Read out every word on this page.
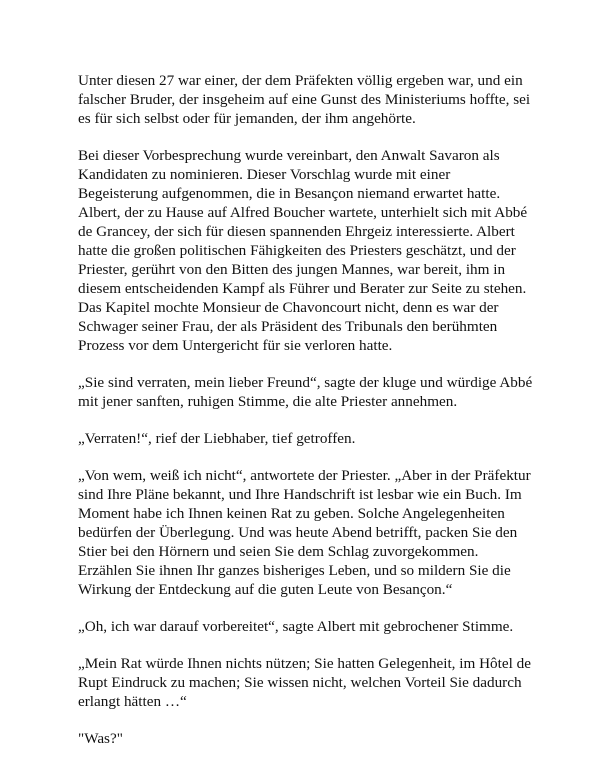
Unter diesen 27 war einer, der dem Präfekten völlig ergeben war, und ein falscher Bruder, der insgeheim auf eine Gunst des Ministeriums hoffte, sei es für sich selbst oder für jemanden, der ihm angehörte.

Bei dieser Vorbesprechung wurde vereinbart, den Anwalt Savaron als Kandidaten zu nominieren. Dieser Vorschlag wurde mit einer Begeisterung aufgenommen, die in Besançon niemand erwartet hatte. Albert, der zu Hause auf Alfred Boucher wartete, unterhielt sich mit Abbé de Grancey, der sich für diesen spannenden Ehrgeiz interessierte. Albert hatte die großen politischen Fähigkeiten des Priesters geschätzt, und der Priester, gerührt von den Bitten des jungen Mannes, war bereit, ihm in diesem entscheidenden Kampf als Führer und Berater zur Seite zu stehen. Das Kapitel mochte Monsieur de Chavoncourt nicht, denn es war der Schwager seiner Frau, der als Präsident des Tribunals den berühmten Prozess vor dem Untergericht für sie verloren hatte.

„Sie sind verraten, mein lieber Freund“, sagte der kluge und würdige Abbé mit jener sanften, ruhigen Stimme, die alte Priester annehmen.

„Verraten!“, rief der Liebhaber, tief getroffen.

„Von wem, weiß ich nicht“, antwortete der Priester. „Aber in der Präfektur sind Ihre Pläne bekannt, und Ihre Handschrift ist lesbar wie ein Buch. Im Moment habe ich Ihnen keinen Rat zu geben. Solche Angelegenheiten bedürfen der Überlegung. Und was heute Abend betrifft, packen Sie den Stier bei den Hörnern und seien Sie dem Schlag zuvorgekommen. Erzählen Sie ihnen Ihr ganzes bisheriges Leben, und so mildern Sie die Wirkung der Entdeckung auf die guten Leute von Besançon.“

„Oh, ich war darauf vorbereitet“, sagte Albert mit gebrochener Stimme.

„Mein Rat würde Ihnen nichts nützen; Sie hatten Gelegenheit, im Hôtel de Rupt Eindruck zu machen; Sie wissen nicht, welchen Vorteil Sie dadurch erlangt hätten …“

"Was?"
